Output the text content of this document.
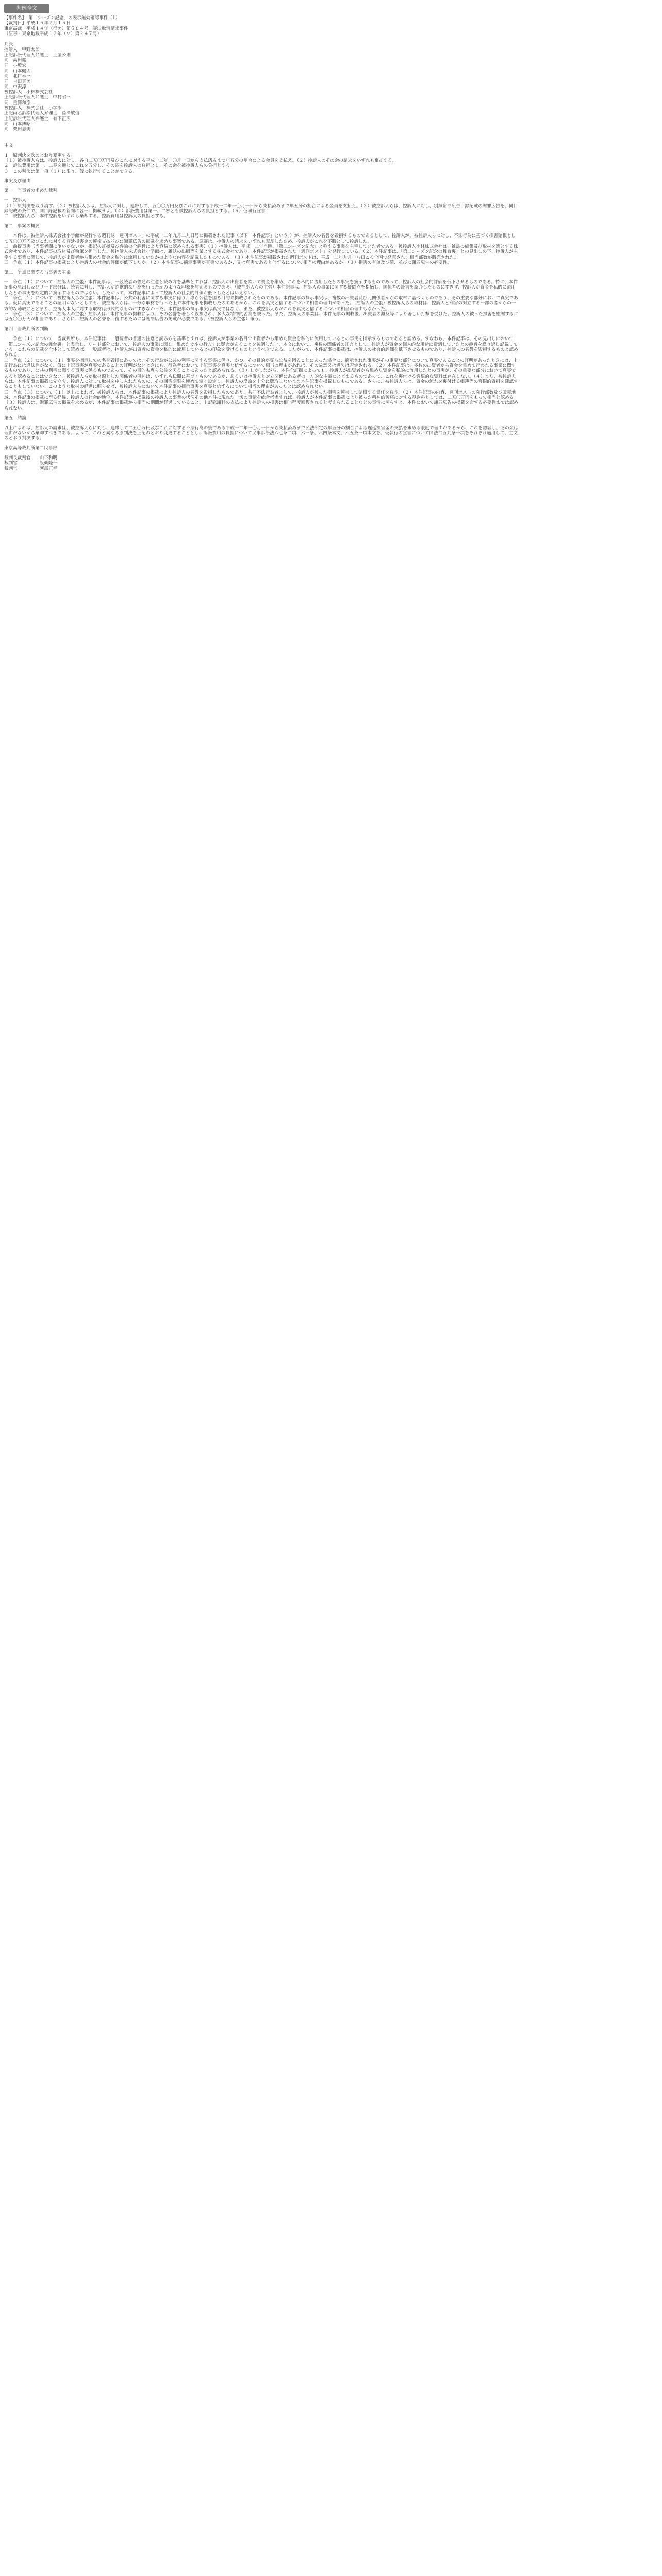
判例全文
【事件名】「第二シーズン記念」の表示無効確認事件（1）
【裁判日】平成１５年７月１５日
東京高裁　平成１４年（行ケ）第５６４号　審決取消請求事件
（原審・東京地裁平成１２年（ワ）第２４７号）
判決
控訴人　甲野太郎
上記訴訟代理人弁護士　土屋公則
同　高田進
同　小坂宏
同　山本健太
同　北口幸三
同　吉田真美
同　中沢淳
被控訴人　小林株式会社
上記訴訟代理人弁護士　中村昭三
同　重澤和彦
被控訴人　株式会社　小学館
上記両名訴訟代理人弁理士　藤澤敏信
上記訴訟代理人弁護士　有下正広
同　山本博昭
同　栗田恵美

主文

１　原判決を次のとおり変更する。

（１）被控訴人らは、控訴人に対し、各自二五〇万円及びこれに対する平成一二年一〇月一日から支払済みまで年五分の割合による金員を支払え。（２）控訴人のその余の請求をいずれも棄却する。

２　訴訟費用は第一、二審を通じてこれを五分し、その四を控訴人の負担とし、その余を被控訴人らの負担とする。

３　この判決は第一項（１）に限り、仮に執行することができる。

事実及び理由

第一　当事者の求めた裁判

一　控訴人

（１）原判決を取り消す。（２）被控訴人らは、控訴人に対し、連帯して、五〇〇万円及びこれに対する平成一二年一〇月一日から支払済みまで年五分の割合による金員を支払え。（３）被控訴人らは、控訴人に対し、別紙謝罪広告目録記載の謝罪広告を、同目録記載の条件で、同目録記載の新聞に各一回掲載せよ。（４）訴訟費用は第一、二審とも被控訴人らの負担とする。（５）仮執行宣言

二　被控訴人ら　本件控訴をいずれも棄却する。控訴費用は控訴人の負担とする。

第二　事案の概要

一　本件は、被控訴人株式会社小学館が発行する週刊誌「週刊ポスト」の平成一二年九月二九日号に掲載された記事（以下「本件記事」という。）が、控訴人の名誉を毀損するものであるとして、控訴人が、被控訴人らに対し、不法行為に基づく損害賠償として五〇〇万円及びこれに対する遅延損害金の連帯支払並びに謝罪広告の掲載を求めた事案である。原審は、控訴人の請求をいずれも棄却したため、控訴人がこれを不服として控訴した。

二　前提事実（当事者間に争いがないか、掲記の証拠及び弁論の全趣旨により容易に認められる事実）（１）控訴人は、平成一二年当時、「第二シーズン記念」と称する事業を主宰していた者である。被控訴人小林株式会社は、雑誌の編集及び取材を業とする株式会社であり、本件記事の取材及び執筆を担当した。被控訴人株式会社小学館は、雑誌の出版等を業とする株式会社であり、本件記事が掲載された「週刊ポスト」を発行している。（２）本件記事は、「第二シーズン記念の舞台裏」との見出しの下、控訴人が主宰する事業に関して、控訴人が出資者から集めた資金を私的に流用していたかのような内容を記載したものである。（３）本件記事が掲載された週刊ポストは、平成一二年九月一八日ころ全国で発売され、相当部数が販売された。

三　争点（１）本件記事の掲載により控訴人の社会的評価が低下したか。（２）本件記事の摘示事実が真実であるか、又は真実であると信ずるについて相当の理由があるか。（３）損害の有無及び額、並びに謝罪広告の必要性。

第三　争点に関する当事者の主張

一　争点（１）について（控訴人の主張）本件記事は、一般読者の普通の注意と読み方を基準とすれば、控訴人が出資者を欺いて資金を集め、これを私的に流用したとの事実を摘示するものであって、控訴人の社会的評価を低下させるものである。特に、本件記事の見出し及びリード部分は、読者に対し、控訴人が詐欺的な行為を行ったかのような印象を与えるものである。（被控訴人らの主張）本件記事は、控訴人の事業に関する疑問点を指摘し、関係者の証言を紹介したものにすぎず、控訴人が資金を私的に流用したとの事実を断定的に摘示するものではない。したがって、本件記事によって控訴人の社会的評価が低下したとはいえない。

二　争点（２）について（被控訴人らの主張）本件記事は、公共の利害に関する事実に係り、専ら公益を図る目的で掲載されたものである。本件記事の摘示事実は、複数の出資者及び元関係者からの取材に基づくものであり、その重要な部分において真実である。仮に真実であることの証明がないとしても、被控訴人らは、十分な取材を行った上で本件記事を掲載したのであるから、これを真実と信ずるについて相当の理由があった。（控訴人の主張）被控訴人らの取材は、控訴人と利害の対立する一部の者からの一方的な聴取にとどまり、控訴人本人に対する取材は形式的なものにすぎなかった。本件記事の摘示事実は真実ではなく、また、被控訴人らがこれを真実と信ずるについて相当の理由もなかった。

三　争点（３）について（控訴人の主張）控訴人は、本件記事の掲載により、その名誉を著しく毀損され、多大な精神的苦痛を被った。また、控訴人の事業は、本件記事の掲載後、出資者の離反等により著しい打撃を受けた。控訴人の被った損害を慰謝するには五〇〇万円が相当であり、さらに、控訴人の名誉を回復するためには謝罪広告の掲載が必要である。（被控訴人らの主張）争う。

第四　当裁判所の判断

一　争点（１）について　当裁判所も、本件記事は、一般読者の普通の注意と読み方を基準とすれば、控訴人が事業の名目で出資者から集めた資金を私的に流用しているとの事実を摘示するものであると認める。すなわち、本件記事は、その見出しにおいて「第二シーズン記念の舞台裏」と表示し、リード部分において、控訴人の事業に関し「集めたカネの行方」に疑念があることを強調した上、本文において、複数の関係者の証言として、控訴人が資金を個人的な用途に費消していたとの趣旨を繰り返し記載している。これらの記載を全体として読めば、一般読者は、控訴人が出資者の資金を私的に流用しているとの印象を受けるものというべきである。したがって、本件記事の掲載は、控訴人の社会的評価を低下させるものであり、控訴人の名誉を毀損するものと認められる。

二　争点（２）について（１）事実を摘示しての名誉毀損にあっては、その行為が公共の利害に関する事実に係り、かつ、その目的が専ら公益を図ることにあった場合に、摘示された事実がその重要な部分について真実であることの証明があったときには、上記行為には違法性がなく、仮に上記事実が真実であることの証明がないときにも、行為者において上記事実を真実と信ずるについて相当の理由があれば、その故意又は過失は否定される。（２）本件記事は、多数の出資者から資金を集めて行われる事業に関するものであり、公共の利害に関する事実に係るものであって、その目的も専ら公益を図ることにあったと認められる。（３）しかしながら、本件全証拠によっても、控訴人が出資者から集めた資金を私的に流用したとの事実が、その重要な部分において真実であると認めることはできない。被控訴人らが取材源とした関係者の供述は、いずれも伝聞に基づくものであるか、あるいは控訴人と対立関係にある者の一方的な主張にとどまるものであって、これを裏付ける客観的な資料は存在しない。（４）また、被控訴人らは、本件記事の掲載に先立ち、控訴人に対して取材を申し入れたものの、その回答期限を極めて短く設定し、控訴人の反論を十分に聴取しないまま本件記事を掲載したものである。さらに、被控訴人らは、資金の流れを裏付ける帳簿等の客観的資料を確認することもしていない。このような取材の経過に照らせば、被控訴人らにおいて本件記事の摘示事実を真実と信ずるについて相当の理由があったとは認められない。

三　争点（３）について（１）以上によれば、被控訴人らは、本件記事の掲載により控訴人の名誉を毀損したものであり、共同不法行為者として、控訴人が被った損害を連帯して賠償する責任を負う。（２）本件記事の内容、週刊ポストの発行部数及び販売地域、本件記事の掲載に至る経緯、控訴人の社会的地位、本件記事の掲載後の控訴人の事業の状況その他本件に現れた一切の事情を総合考慮すれば、控訴人が本件記事の掲載により被った精神的苦痛に対する慰謝料としては、二五〇万円をもって相当と認める。（３）控訴人は、謝罪広告の掲載を求めるが、本件記事の掲載から相当の期間が経過していること、上記慰謝料の支払により控訴人の損害は相当程度回復されると考えられることなどの事情に照らすと、本件において謝罪広告の掲載を命ずる必要性までは認められない。

第五　結論

以上によれば、控訴人の請求は、被控訴人らに対し、連帯して二五〇万円及びこれに対する不法行為の後である平成一二年一〇月一日から支払済みまで民法所定の年五分の割合による遅延損害金の支払を求める限度で理由があるから、これを認容し、その余は理由がないから棄却すべきである。よって、これと異なる原判決を上記のとおり変更することとし、訴訟費用の負担について民事訴訟法六七条二項、六一条、六四条本文、六五条一項本文を、仮執行の宣言について同法二五九条一項をそれぞれ適用して、主文のとおり判決する。

東京高等裁判所第二民事部

裁判長裁判官　　山下和明

裁判官　　　　　設楽隆一

裁判官　　　　　阿部正幸
